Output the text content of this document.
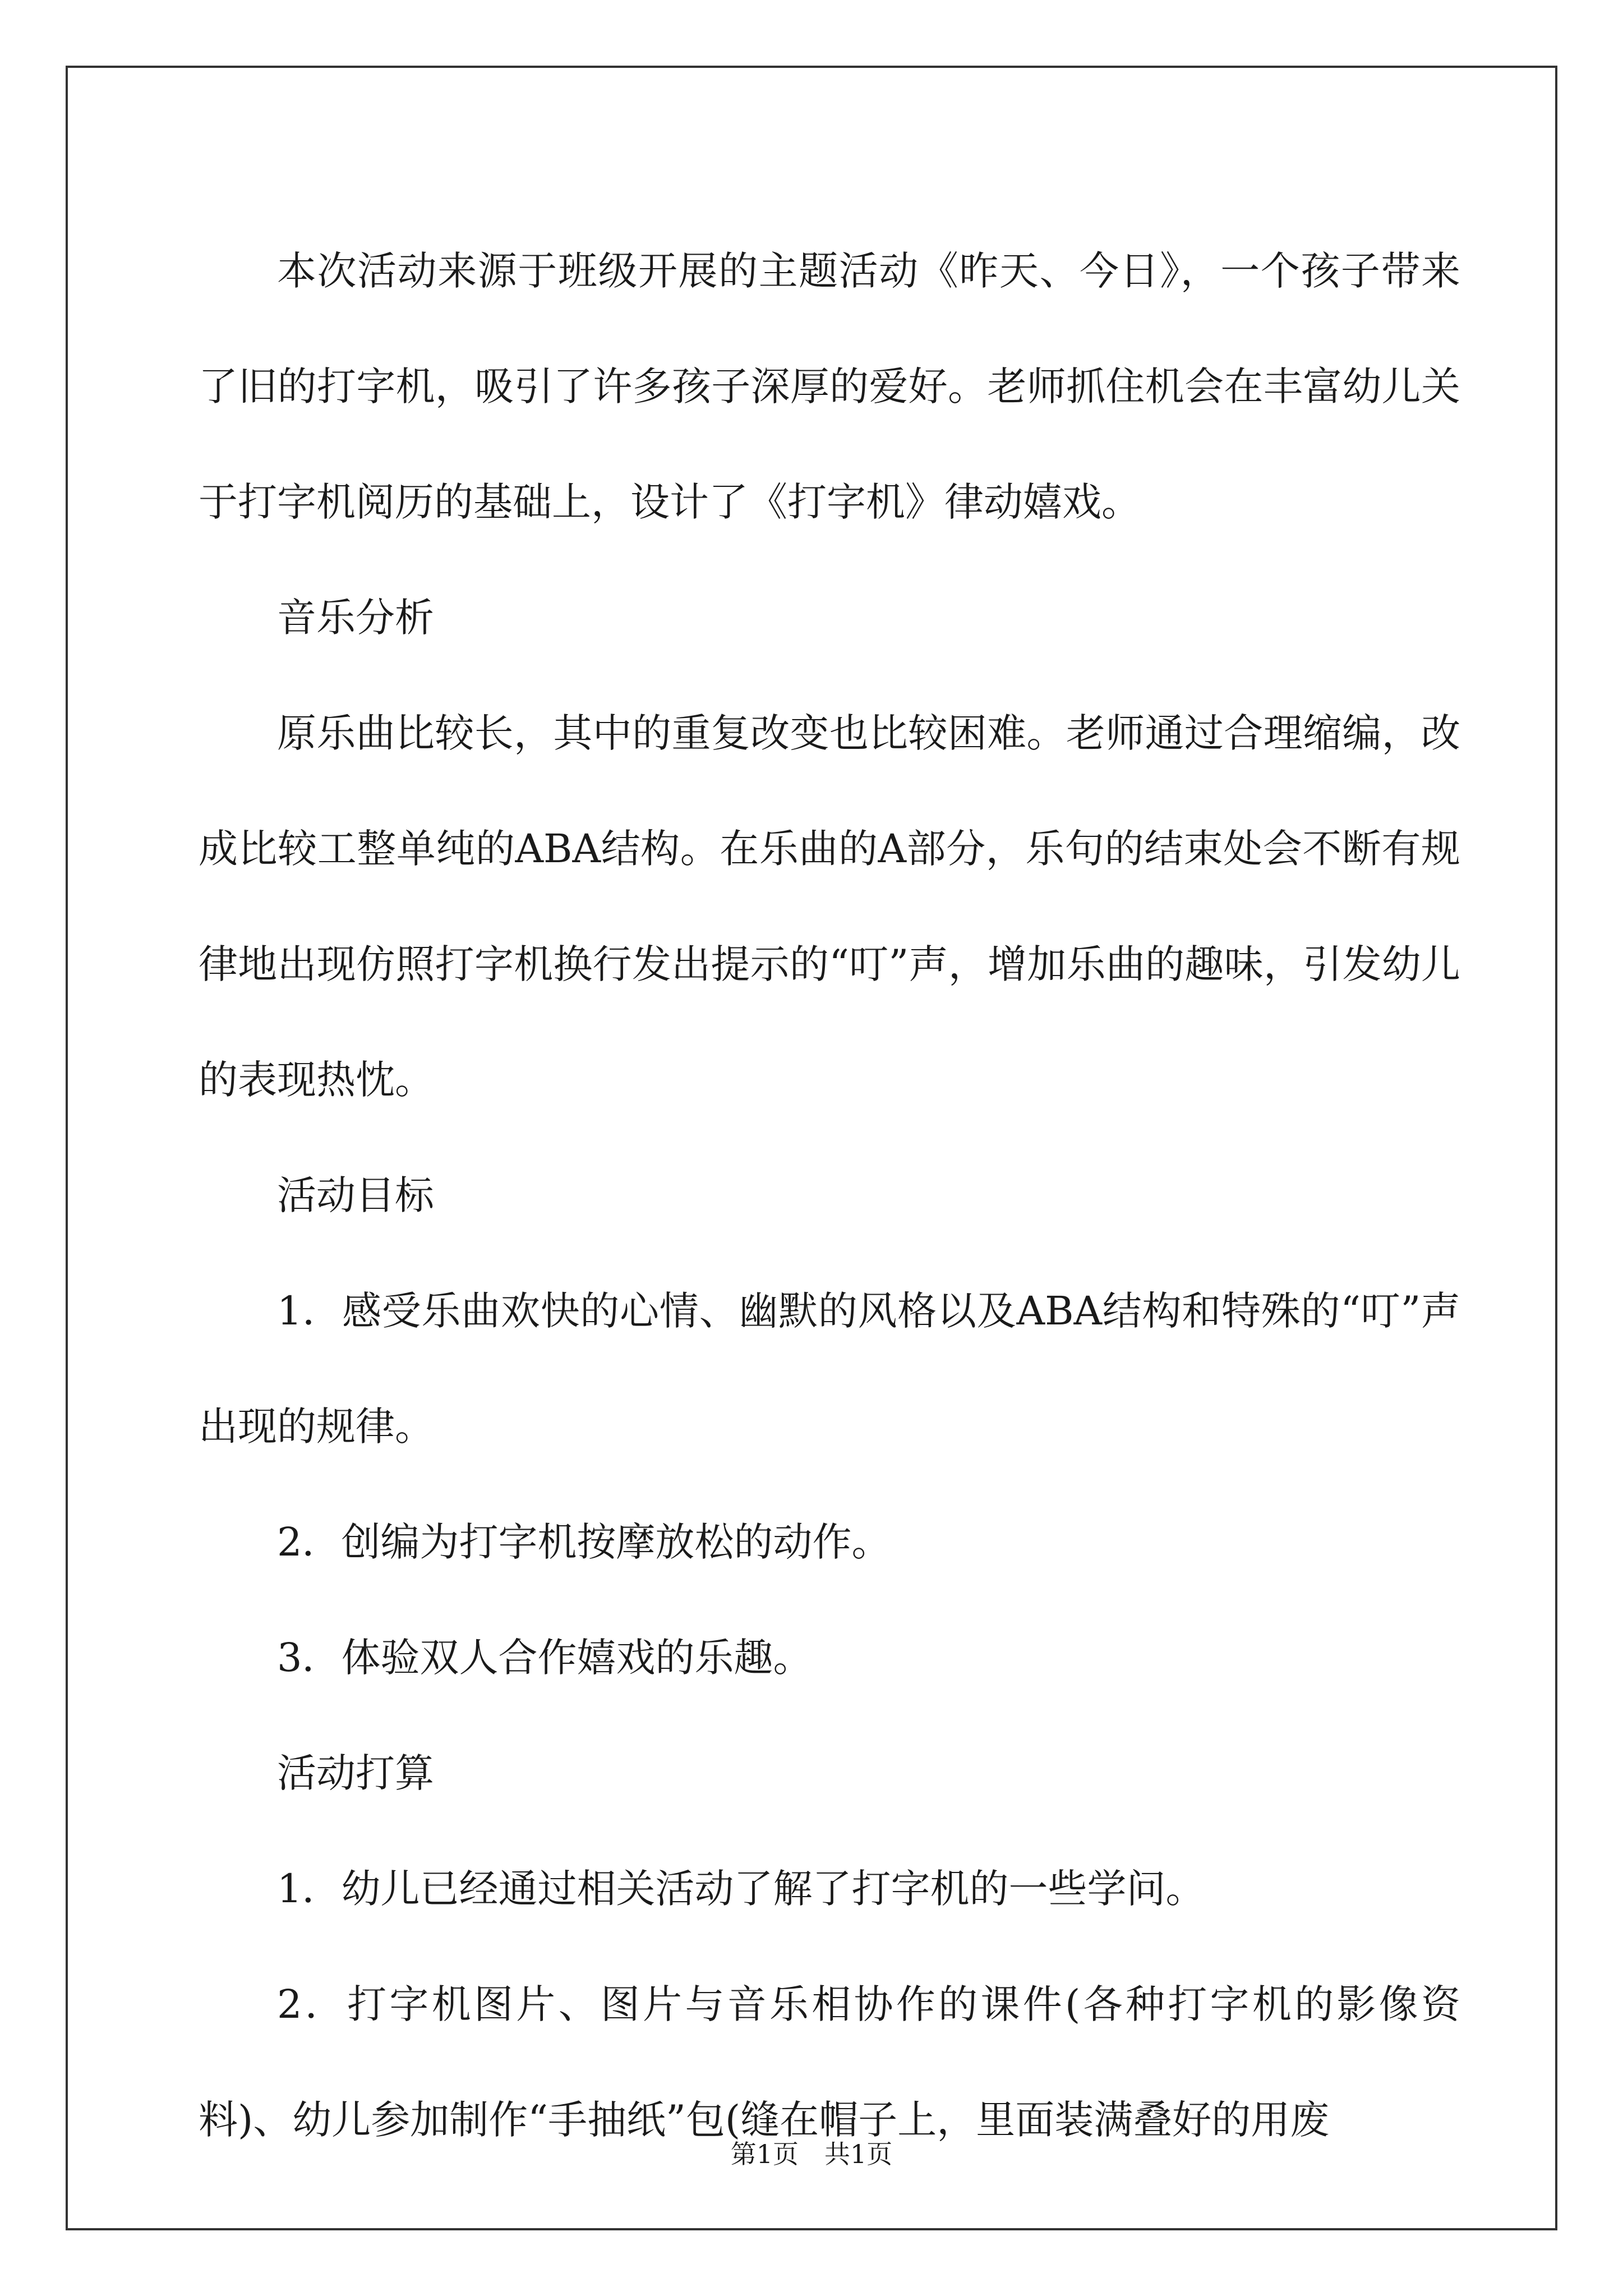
本次活动来源于班级开展的主题活动《昨天、今日》，一个孩子带来了旧的打字机，吸引了许多孩子深厚的爱好。老师抓住机会在丰富幼儿关于打字机阅历的基础上，设计了《打字机》律动嬉戏。

音乐分析

原乐曲比较长，其中的重复改变也比较困难。老师通过合理缩编，改成比较工整单纯的ABA结构。在乐曲的A部分，乐句的结束处会不断有规律地出现仿照打字机换行发出提示的“叮”声，增加乐曲的趣味，引发幼儿的表现热忱。

活动目标

1．感受乐曲欢快的心情、幽默的风格以及ABA结构和特殊的“叮”声出现的规律。

2．创编为打字机按摩放松的动作。

3．体验双人合作嬉戏的乐趣。

活动打算

1．幼儿已经通过相关活动了解了打字机的一些学问。

2．打字机图片、图片与音乐相协作的课件(各种打字机的影像资料)、幼儿参加制作“手抽纸”包(缝在帽子上，里面装满叠好的用废

第1页 共1页
